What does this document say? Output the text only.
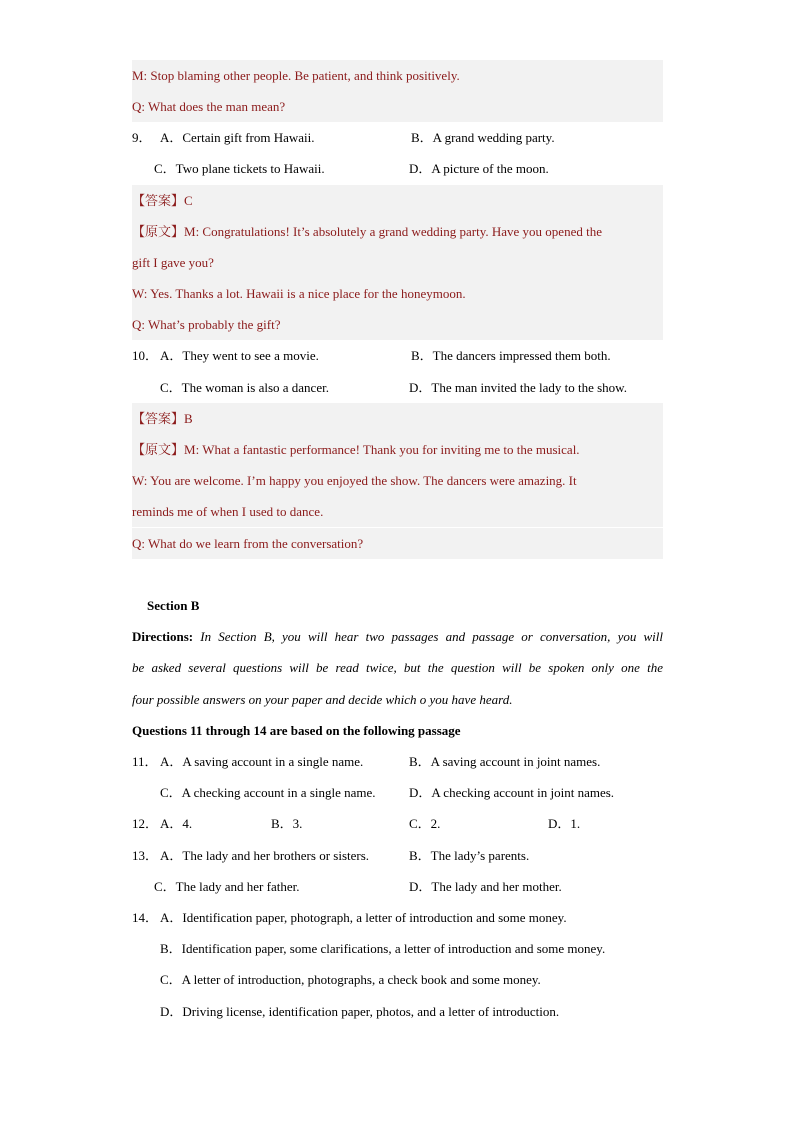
M: Stop blaming other people. Be patient, and think positively.
Q: What does the man mean?
9． A．Certain gift from Hawaii.	B．A grand wedding party.
C．Two plane tickets to Hawaii.	D．A picture of the moon.
【答案】C
【原文】M: Congratulations! It’s absolutely a grand wedding party. Have you opened the
gift I gave you?
W: Yes. Thanks a lot. Hawaii is a nice place for the honeymoon.
Q: What’s probably the gift?
10． A．They went to see a movie.	B．The dancers impressed them both.
C．The woman is also a dancer.	D．The man invited the lady to the show.
【答案】B
【原文】M: What a fantastic performance! Thank you for inviting me to the musical.
W: You are welcome. I’m happy you enjoyed the show. The dancers were amazing. It
reminds me of when I used to dance.
Q: What do we learn from the conversation?
Section B
Directions: In Section B, you will hear two passages and passage or conversation, you will
be asked several questions will be read twice, but the question will be spoken only one the
four possible answers on your paper and decide which o you have heard.
Questions 11 through 14 are based on the following passage
11． A．A saving account in a single name.	B．A saving account in joint names.
C．A checking account in a single name.	D．A checking account in joint names.
12． A．4.	B．3.	C．2.	D．1.
13． A．The lady and her brothers or sisters.	B．The lady’s parents.
C．The lady and her father.	D．The lady and her mother.
14． A．Identification paper, photograph, a letter of introduction and some money.
B．Identification paper, some clarifications, a letter of introduction and some money.
C．A letter of introduction, photographs, a check book and some money.
D．Driving license, identification paper, photos, and a letter of introduction.
